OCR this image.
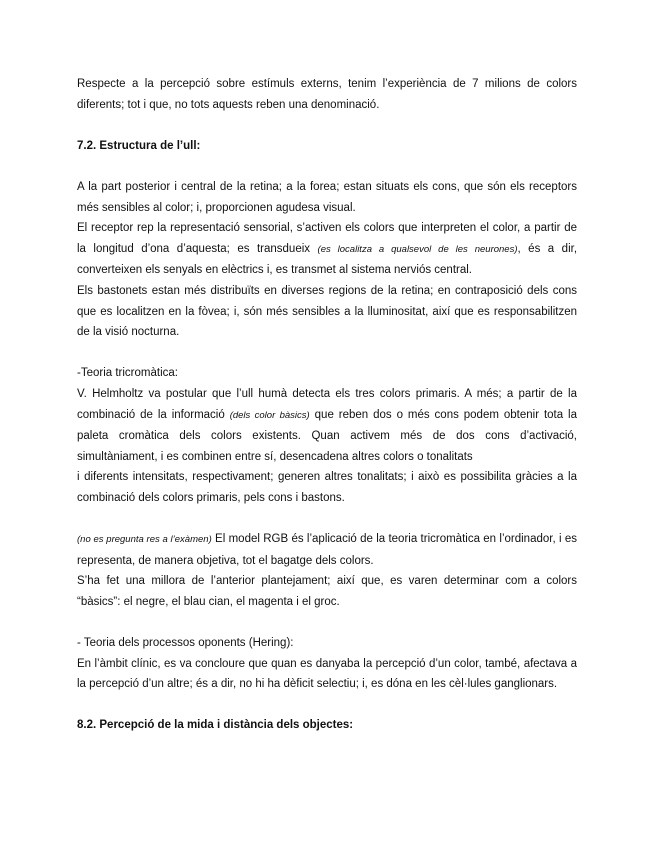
Respecte a la percepció sobre estímuls externs, tenim l’experiència de 7 milions de colors diferents; tot i que, no tots aquests reben una denominació.

7.2. Estructura de l’ull:

A la part posterior i central de la retina; a la forea; estan situats els cons, que són els receptors més sensibles al color; i, proporcionen agudesa visual.

El receptor rep la representació sensorial, s’activen els colors que interpreten el color, a partir de la longitud d’ona d’aquesta; es transdueix (es localitza a qualsevol de les neurones), és a dir, converteixen els senyals en elèctrics i, es transmet al sistema nerviós central.

Els bastonets estan més distribuïts en diverses regions de la retina; en contraposició dels cons que es localitzen en la fòvea; i, són més sensibles a la lluminositat, així que es responsabilitzen de la visió nocturna.

-Teoria tricromàtica:

V. Helmholtz va postular que l’ull humà detecta els tres colors primaris. A més; a partir de la combinació de la informació (dels color bàsics) que reben dos o més cons podem obtenir tota la paleta cromàtica dels colors existents. Quan activem més de dos cons d’activació, simultàniament, i es combinen entre sí, desencadena altres colors o tonalitats

i diferents intensitats, respectivament; generen altres tonalitats; i això es possibilita gràcies a la combinació dels colors primaris, pels cons i bastons.

(no es pregunta res a l’exàmen) El model RGB és l’aplicació de la teoria tricromàtica en l’ordinador, i es representa, de manera objetiva, tot el bagatge dels colors.

S’ha fet una millora de l’anterior plantejament; així que, es varen determinar com a colors “bàsics”: el negre, el blau cian, el magenta i el groc.

- Teoria dels processos oponents (Hering):

En l’àmbit clínic, es va concloure que quan es danyaba la percepció d’un color, també, afectava a la percepció d’un altre; és a dir, no hi ha dèficit selectiu; i, es dóna en les cèl·lules ganglionars.

8.2. Percepció de la mida i distància dels objectes:
